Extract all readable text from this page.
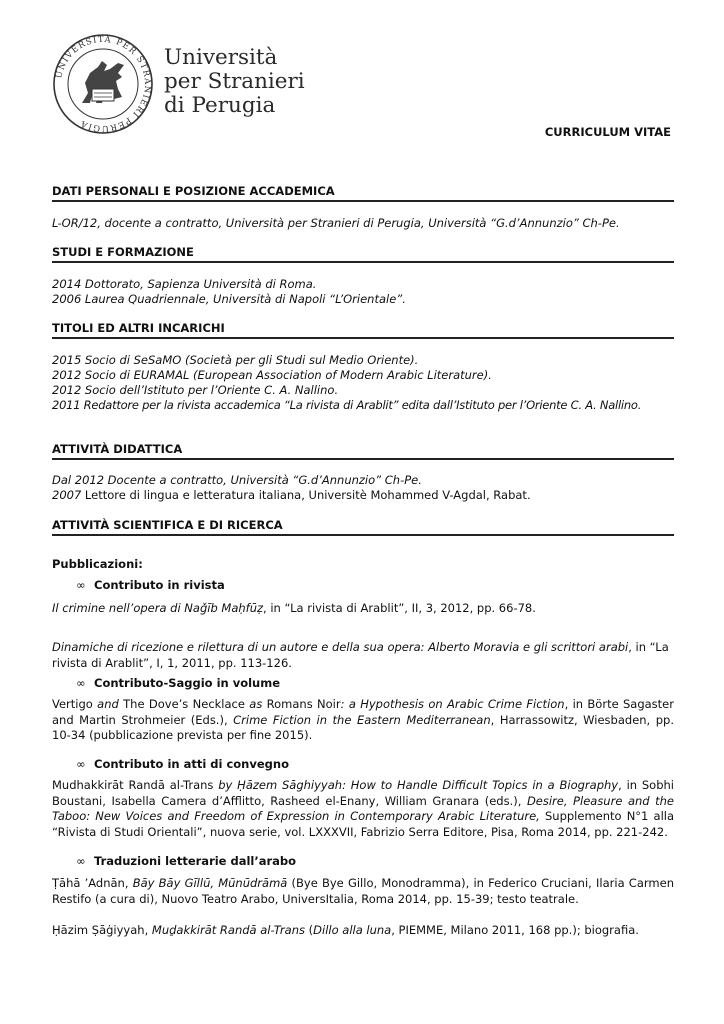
UNIVERSITÀ PER STRANIERI PERUGIA
Università
per Stranieri
di Perugia
CURRICULUM VITAE
DATI PERSONALI E POSIZIONE ACCADEMICA
L-OR/12, docente a contratto, Università per Stranieri di Perugia, Università “G.d’Annunzio” Ch-Pe.
STUDI E FORMAZIONE
2014 Dottorato, Sapienza Università di Roma.
2006 Laurea Quadriennale, Università di Napoli “L’Orientale”.
TITOLI ED ALTRI INCARICHI
2015 Socio di SeSaMO (Società per gli Studi sul Medio Oriente).
2012 Socio di EURAMAL (European Association of Modern Arabic Literature).
2012 Socio dell’Istituto per l’Oriente C. A. Nallino.
2011 Redattore per la rivista accademica “La rivista di Arablit” edita dall’Istituto per l’Oriente C. A. Nallino.
ATTIVITÀ DIDATTICA
Dal 2012 Docente a contratto, Università “G.d’Annunzio” Ch-Pe.
2007 Lettore di lingua e letteratura italiana, Universitè Mohammed V-Agdal, Rabat.
ATTIVITÀ SCIENTIFICA E DI RICERCA
Pubblicazioni:
∞ Contributo in rivista
Il crimine nell’opera di Naǧīb Maḥfūẓ, in “La rivista di Arablit”, II, 3, 2012, pp. 66-78.
Dinamiche di ricezione e rilettura di un autore e della sua opera: Alberto Moravia e gli scrittori arabi, in “La rivista di Arablit”, I, 1, 2011, pp. 113-126.
∞ Contributo-Saggio in volume
Vertigo and The Dove’s Necklace as Romans Noir: a Hypothesis on Arabic Crime Fiction, in Börte Sagaster and Martin Strohmeier (Eds.), Crime Fiction in the Eastern Mediterranean, Harrassowitz, Wiesbaden, pp. 10-34 (pubblicazione prevista per fine 2015).
∞ Contributo in atti di convegno
Mudhakkirāt Randā al-Trans by Ḥāzem Sāghiyyah: How to Handle Difficult Topics in a Biography, in Sobhi Boustani, Isabella Camera d’Afflitto, Rasheed el-Enany, William Granara (eds.), Desire, Pleasure and the Taboo: New Voices and Freedom of Expression in Contemporary Arabic Literature, Supplemento N°1 alla “Rivista di Studi Orientali”, nuova serie, vol. LXXXVII, Fabrizio Serra Editore, Pisa, Roma 2014, pp. 221-242.
∞ Traduzioni letterarie dall’arabo
Ṭāhā ’Adnān, Bāy Bāy Gīllū, Mūnūdrāmā (Bye Bye Gillo, Monodramma), in Federico Cruciani, Ilaria Carmen Restifo (a cura di), Nuovo Teatro Arabo, UniversItalia, Roma 2014, pp. 15-39; testo teatrale.
Ḥāzim Ṣāġiyyah, Muḏakkirāt Randā al-Trans (Dillo alla luna, PIEMME, Milano 2011, 168 pp.); biografia.
